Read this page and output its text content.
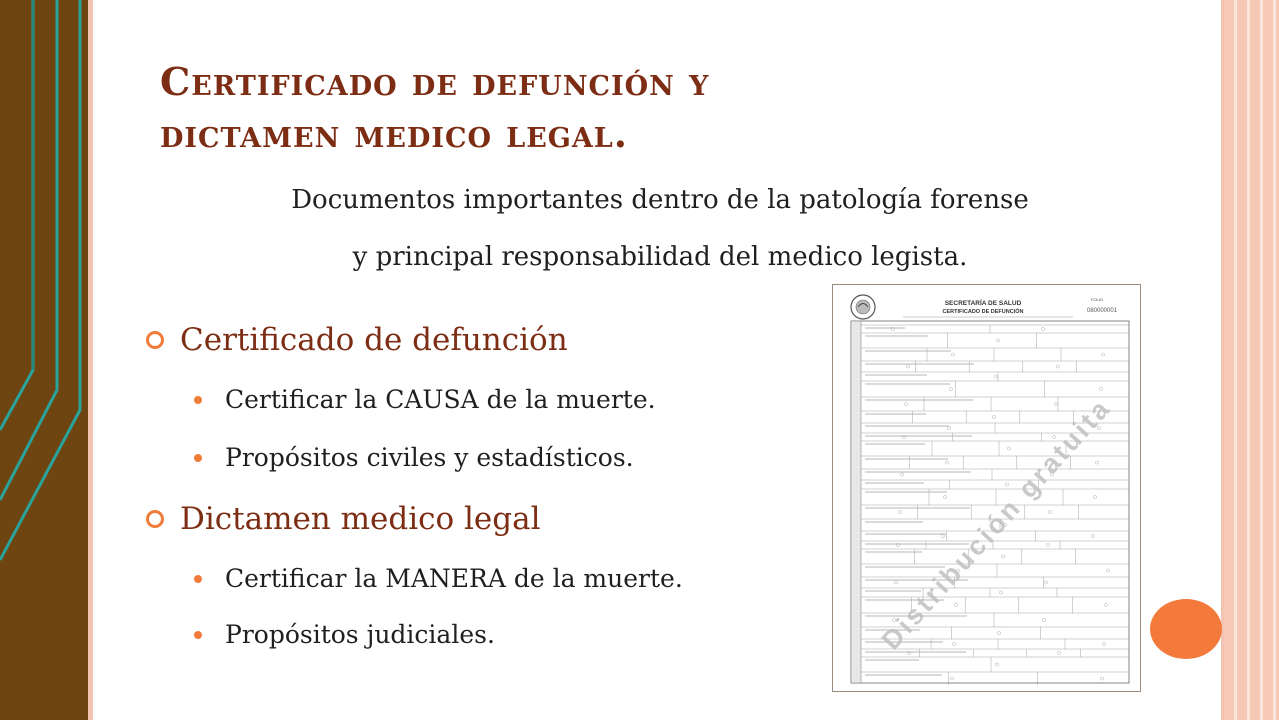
Certificado de defunción y
dictamen medico legal.

Documentos importantes dentro de la patología forense

y principal responsabilidad del medico legista.

Certificado de defunción
Certificar la CAUSA de la muerte.
Propósitos civiles y estadísticos.
Dictamen medico legal
Certificar la MANERA de la muerte.
Propósitos judiciales.
SECRETARÍA DE SALUD
CERTIFICADO DE DEFUNCIÓN
FOLIO
080000001
Distribución gratuita
